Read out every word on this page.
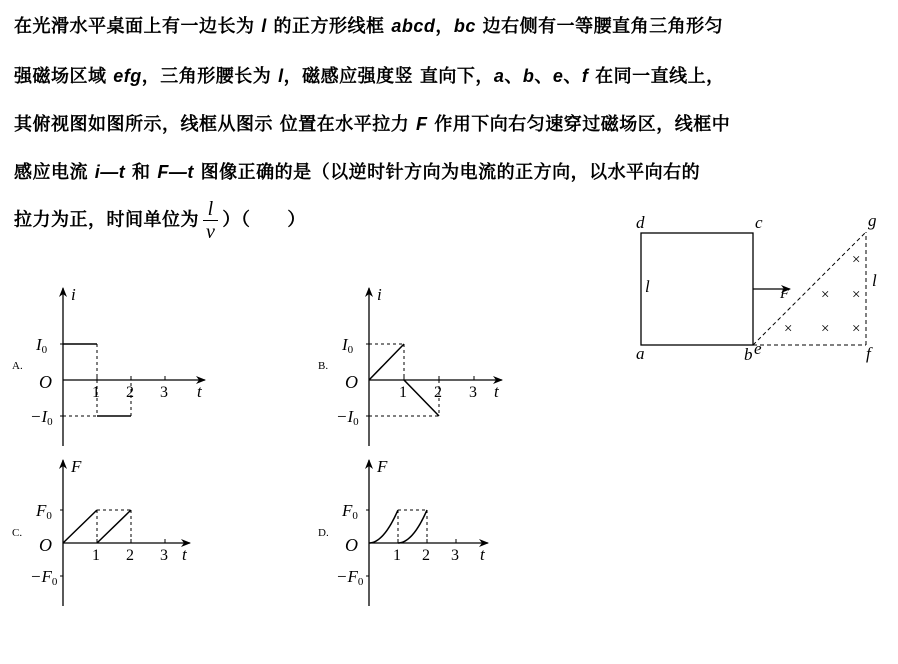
在光滑水平桌面上有一边长为 l 的正方形线框 abcd，bc 边右侧有一等腰直角三角形匀
强磁场区域 efg，三角形腰长为 l，磁感应强度竖 直向下，a、b、e、f 在同一直线上，
其俯视图如图所示，线框从图示 位置在水平拉力 F 作用下向右匀速穿过磁场区，线框中
感应电流 i—t 和 F—t 图像正确的是（以逆时针方向为电流的正方向，以水平向右的
拉力为正，时间单位为 $\frac{l}{v}$ ）（　　）
A.	B.
C.	D.
F
d	c	g
a	b e	f
l	l
×
× ×
× × ×
i
t
O
I0
−I0
1 2 3
i
t
O
I0
−I0
1 2 3
F
t
O
F0
−F0
1 2 3
F
t
O
F0
−F0
1 2 3
